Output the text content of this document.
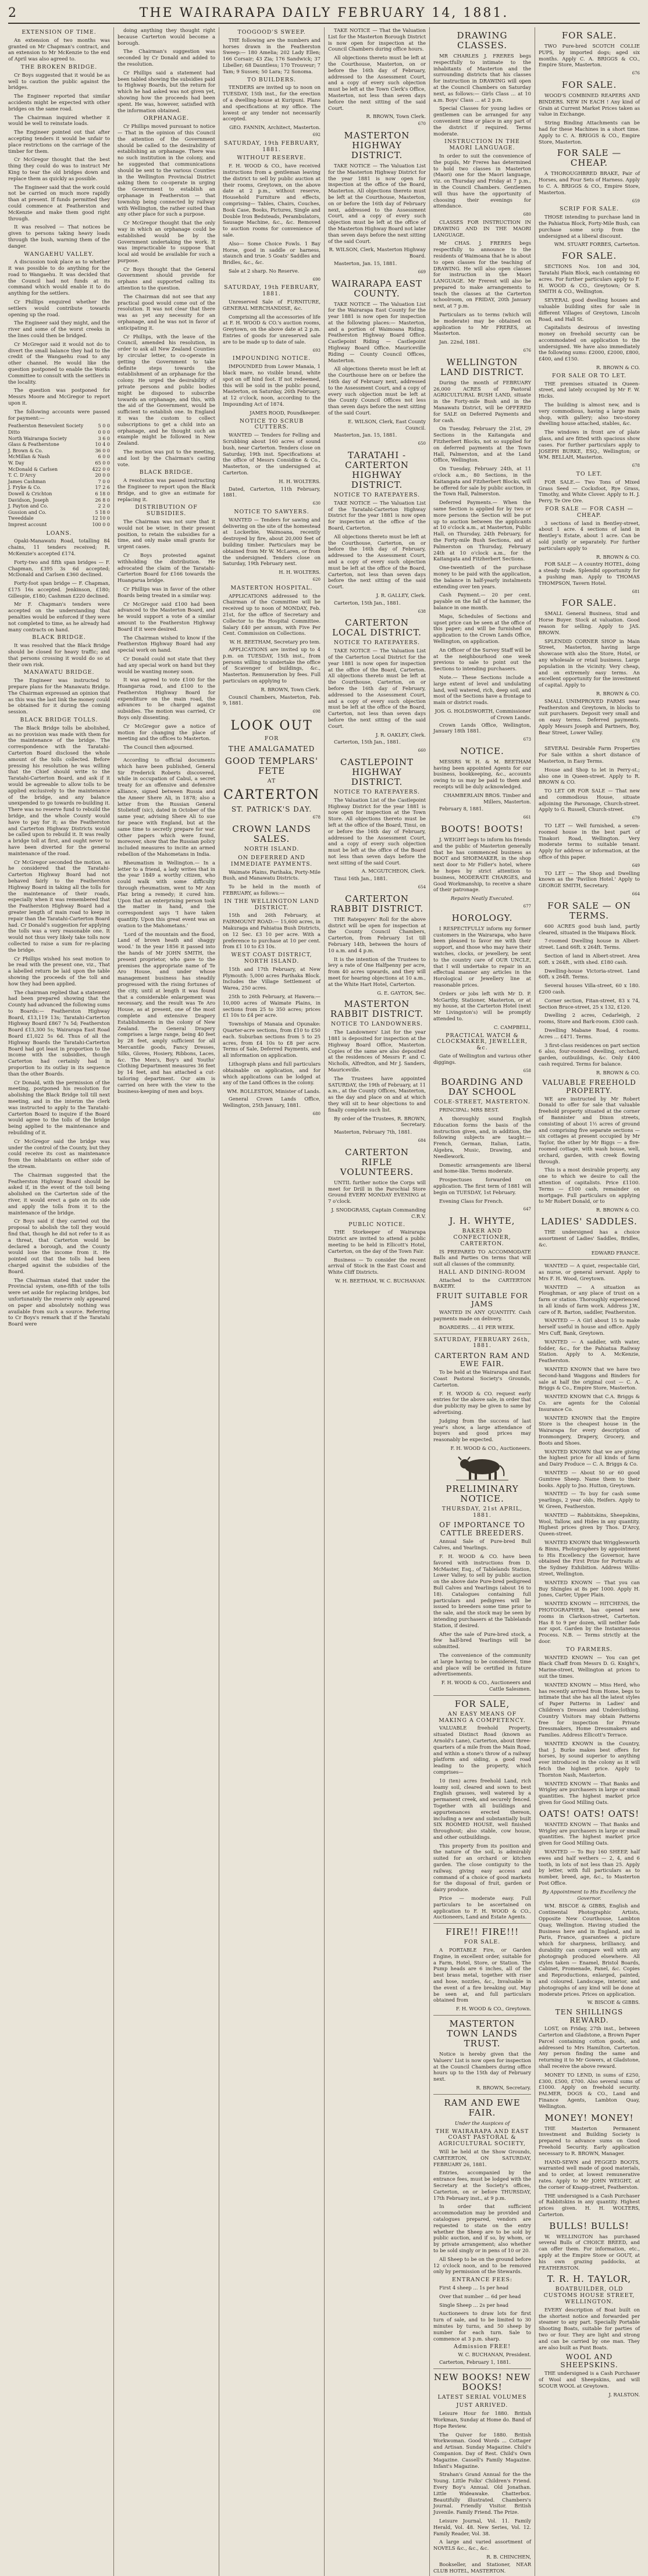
2	THE WAIRARAPA DAILY FEBRUARY 14, 1881.
EXTENSION OF TIME.

An extension of two months was granted on Mr Chapman's contract, and an extension to Mr McKenzie to the end of April was also agreed to.

THE BROKEN BRIDGE.

Cr Boys suggested that it would be as well to caution the public against the bridges.

The Engineer reported that similar accidents might be expected with other bridges on the same road.

The Chairman inquired whether it would be well to reinstate loads.

The Engineer pointed out that after accepting tenders it would be unfair to place restrictions on the carriage of the timber for them.

Cr McGregor thought that the best thing they could do was to instruct Mr King to tear the old bridges down and replace them as quickly as possible.

The Engineer said that the work could not be carried on much more rapidly than at present. If funds permitted they could commence at Featherston and McKenzie and make them good right through.

It was resolved — That notices be given to persons taking heavy loads through the bush, warning them of the danger.

WANGAEHU VALLEY.

A discussion took place as to whether it was possible to do anything for the road to Wangaehu. It was decided that the Council had not funds at its command which would enable it to do anything for the settlers.

Cr Phillips enquired whether the settlers would contribute towards opening up the road.

The Engineer said they might, and the river and some of the worst creeks in the lines could then be bridged.

Cr McGregor said it would not do to divert the small balance they had to the credit of the Wangaehu road to any other channel. He would like the question postponed to enable the Works Committee to consult with the settlers in the locality.

The question was postponed for Messrs Moore and McGregor to report upon it.

The following accounts were passed for payment:—

Featherston Benevolent Society	5 0 0
Ditto	0 0 0
North Wairarapa Society	3 6 0
Glass & Featherstone	10 4 0
J. Brown & Co.	36 0 0
McMillan & Nash	6 0 0
W. Day	65 0 0
McDonald & Carlsen	422 0 0
T. C. D'Arcy	20 0 0
James Cashman	7 0 0
J. Fryke & Co.	17 2 6
Dowell & Crichton	6 18 0
Davidson, Joseph	26 8 0
J. Payton and Co.	2 2 0
Gussion and Co.	5 18 0
Tweeddale	12 10 0
Imprest account	100 0 0
LOANS.

Opaki-Manawatu Road, totalling 84 chains, 11 tenders received; R. McKenzie's accepted £174.

Forty-two and fifth span bridges — F. Chapman, £395 3s 6d accepted; McDonald and Carlsen £360 declined.

Forty-foot span bridge — F. Chapman, £175 16s accepted. Jenkinson, £180; Gillespie, £180; Cashman £220 declined.

Mr F. Chapman's tenders were accepted on the understanding that penalties would be enforced if they were not completed to time, as he already had many contracts on hand.

BLACK BRIDGE.

It was resolved that the Black Bridge should be closed for heavy traffic; and that persons crossing it would do so at their own risk.

MANAWATU BRIDGE.

The Engineer was instructed to prepare plans for the Manawatu Bridge. The Chairman expressed an opinion that as this was the last link the money could be obtained for it during the coming session.

BLACK BRIDGE TOLLS.

The Black Bridge tolls be abolished, as no provision was made with them for the maintenance of the bridge. The correspondence with the Taratahi-Carterton Board disclosed the whole amount of the tolls collected. Before pressing his resolution he was willing that the Chief should write to the Taratahi-Carterton Board, and ask if it would be agreeable to allow tolls to be applied exclusively to the maintenance of the bridge, and any balance unexpended to go towards re-building it. There was no reserve fund to rebuild the bridge, and the whole County would have to pay for it; as the Featherston and Carterton Highway Districts would be called upon to rebuild it. It was really a bridge toll at first, and ought never to have been diverted for the general maintenance of the road.

Cr McGregor seconded the motion, as he considered that the Taratahi-Carterton Highway Board had not behaved fairly to the Featherston Highway Board in taking all the tolls for the maintenance of their roads, especially when it was remembered that the Featherston Highway Board had a greater length of main road to keep in repair than the Taratahi-Carterton Board had. Cr Donald's suggestion for applying the tolls was a very reasonable one. It would not thus very likely take tolls now collected to raise a sum for re-placing the bridge.

Cr Phillips wished his seat motion to be read with the present one, viz., That a labelled return be laid upon the table showing the proceeds of the toll and how they had been applied.

The chairman replied that a statement had been prepared showing that the County had advanced the following sums to Boards:— Featherston Highway Board, £13,119 13s; Taratahi-Carterton Highway Board £867 7s 5d; Featherston Board £13,300 5s; Wairarapa East Road Board £1,022 5s 6d. Thus of all the Highway Boards the Taratahi-Carterton Board had got least in proportion to the income with the subsidies, though Carterton had certainly had in proportion to its outlay in its sequence than the other Boards.

Cr Donald, with the permission of the meeting, postponed his resolution for abolishing the Black Bridge toll till next meeting, and in the interim the clerk was instructed to apply to the Taratahi-Carterton Board to inquire if the Board would agree to the tolls of the bridge being applied to the maintenance and rebuilding of it.

Cr McGregor said the bridge was under the control of the County, but they could receive its cost as maintenance from the inhabitants on either side of the stream.

The Chairman suggested that the Featherston Highway Board should be asked if, in the event of the toll being abolished on the Carterton side of the river, it would erect a gate on its side and apply the tolls from it to the maintenance of the bridge.

Cr Boys said if they carried out the proposal to abolish the toll they would find that, though he did not refer to it as a threat, that Carterton would be declared a borough, and the County would lose the income from it. He pointed out that the tolls had been charged against the subsidies of the Board.

The Chairman stated that under the Provincial system, one-fifth of the tolls were set aside for replacing bridges, but unfortunately the reserve only appeared on paper and absolutely nothing was available from such a source. Referring to Cr Boys's remark that if the Taratahi Board were

doing anything they thought right because Carterton would become a borough.

The Chairman's suggestion was seconded by Cr Donald and added to the resolution.

Cr Phillips said a statement had been tabled showing the subsidies paid to Highway Boards, but the return for which he had asked was not given yet, showing how the proceeds had been spent. He was, however, satisfied with the information obtained.

ORPHANAGE.

Cr Phillips moved pursuant to notice — That in the opinion of this Council the attention of the Government should be called to the desirability of establishing an orphanage. There was no such institution in the colony, and he suggested that communications should be sent to the various Counties in the Wellington Provincial District asking them to co-operate in urging the Government to establish an orphanage in Featherston — that township being connected by railway with Wellington, the rather suited than any other place for such a purpose.

Cr McGregor thought that the only way in which an orphanage could be established would be by the Government undertaking the work. It was impracticable to suppose that local aid would be available for such a purpose.

Cr Boys thought that the General Government should provide for orphans and supported calling its attention to the question.

The Chairman did not see that any practical good would come out of the resolution. It was not clear that there was as yet any necessity for an orphanage, and he was not in favor of anticipating it.

Cr Phillips, with the leave of the Council, amended his resolution, in order to ask all New Zealand Counties by circular letter, to co-operate in getting the Government to take definite steps towards the establishment of an orphanage for the colony. He urged the desirability of private persons and public bodies might be disposed to subscribe towards an orphanage, and this, with the aid of the Government, would be sufficient to establish one. In England it was the custom to collect subscriptions to get a child into an orphanage, and he thought such an example might be followed in New Zealand.

The motion was put to the meeting, and lost by the Chairman's casting vote.

BLACK BRIDGE.

A resolution was passed instructing the Engineer to report upon the Black Bridge, and to give an estimate for replacing it.

DISTRIBUTION OF SUBSIDIES.

The Chairman was not sure that it would not be wiser, in their present position, to retain the subsidies for a time, and only make small grants for urgent cases.

Cr Boys protested against withholding the distribution. He advocated the claim of the Taratahi-Carterton Board for £166 towards the Huangarua bridge.

Cr Phillips was in favor of the other Boards being treated in a similar way.

Cr McGregor said £100 had been advanced to the Masterton Board, and he would support a vote of a similar amount to the Featherston Highway Board if it were desired.

The Chairman wished to know if the Featherston Highway Board had any special work on hand.

Cr Donald could not state that they had any special work on hand but they would be wanting money soon.

It was agreed to vote £100 for the Huangarua road, and £100 to the Featherston Highway Board for expenditure on the main road, the advances to be charged against subsidies. The motion was carried, Cr Boys only dissenting.

Cr McGregor gave a notice of motion for changing the place of meeting and the offices to Masterton.

The Council then adjourned.

According to official documents which have been published, General Sir Frederick Roberts discovered, while in occupation of Cabul, a secret treaty for an offensive and defensive alliance, signed between Russia and the Ameer Shere Ali, in 1878; also a letter from the Russian General Stolietoff (sic), dated in October of the same year, advising Shere Ali to sue for peace with England, but at the same time to secretly prepare for war. Other papers which were found, moreover, show that the Russian policy included measures to incite an armed rebellion of the Mahometans in India.

Rheumatism in Wellington.— In a letter to a friend, a lady writes that in the year 1849 a worthy citizen, who could walk with some difficulty through rheumatism, went to Mr Ann Plaz bring a remedy; it cured him. Upon that an enterprising person took the matter in hand, and the correspondent says 'I have taken quantity. Upon this great event was an ovation to the Mahometans.'

'Lord of the mountain and the flood, Land of brown heath and shaggy wood.' In the year 1856 it passed into the hands of Mr JOHN SMITH, the present proprietor, who gave to the premises the appropriate name of Te Aro House, and under whose management business has steadily progressed with the rising fortunes of the city, until at length it was found that a considerable enlargement was necessary, and the result was Te Aro House, as at present, one of the most complete and extensive Drapery Establishments in the colony of New Zealand. The General Drapery comprises a large range, being 40 feet by 28 feet, amply sufficient for all Mercantile goods, Fancy Dresses, Silks, Gloves, Hosiery, Ribbons, Laces, &c. The Men's, Boy's and Youths' Clothing Department measures 36 feet by 14 feet, and has attached a cut-tailoring department. Our aim is carried on here with the view to the business-keeping of men and boys.

TOOGOOD'S SWEEP.

THE following are the numbers and horses drawn in the Featherston Sweep:— 180 Amelia; 202 Lady Ellen; 166 Corsair; 43 Zia; 176 Sandwick; 37 Libeller; 68 Dauntless; 170 Trouveur; 7 Tam; 9 Sussex; 50 Lara; 72 Sonoma.

TO BUILDERS.

TENDERS are invited up to noon on TUESDAY, 15th inst., for the erection of a dwelling-house at Kuripuni. Plans and specifications at my office. The lowest or any tender not necessarily accepted.

GEO. FANNIN, Architect, Masterton.

692
SATURDAY, 19th FEBRUARY, 1881.
WITHOUT RESERVE.

F. H. WOOD & CO., have received instructions from a gentleman leaving the district to sell by public auction at their rooms, Greytown, on the above date at 2 p.m., without reserve, Household Furniture and effects, comprising— Tables, Chairs, Couches, Book Case, Books, Pictures, Single and Double Iron Bedsteads, Perambulators, Sausage Machine, &c., &c. Removed to auction rooms for convenience of sale.

Also— Some Choice Fowls. 1 Bay Horse, good in saddle or harness, staunch and true. 5 Goats' Saddles and Bridles, &c., &c.

Sale at 2 sharp. No Reserve.

690
SATURDAY, 19th FEBRUARY, 1881.

Unreserved Sale of FURNITURE, GENERAL MERCHANDISE, &c.

Comprising all the accessories of life at F. H. WOOD & CO.'s auction rooms, Greytown, on the above date at 2 p.m. Entries of goods for unreserved sale are to be made up to date of sale.

693
IMPOUNDING NOTICE.

IMPOUNDED from Lower Manaia, 1 black mare, no visible brand, white spot on off hind foot. If not redeemed, this will be sold in the public pound, Masterton, on Saturday, 26th February, at 12 o'clock, noon, according to the Impounding Act of 1874.

JAMES ROOD, Poundkeeper.

NOTICE TO SCRUB CUTTERS.

WANTED — Tenders for Felling and Scrubbing about 160 acres of sound bush, near Carterton. Tenders close on Saturday, 19th inst. Specifications at the office of Messrs Considine & Co., Masterton, or the undersigned at Carterton.

H. H. WOLTERS.

Dated, Carterton, 11th February, 1881.

630
NOTICE TO SAWYERS.

WANTED — Tenders for sawing and delivering on the site of the homestead at Lockerbie, Waimoana, recently destroyed by fire, about 20,000 feet of building timber. Particulars may be obtained from Mr W. McLaren, or from the undersigned. Tenders close on Saturday, 19th February next.

H. H. WOLTERS.

620
MASTERTON HOSPITAL.

APPLICATIONS addressed to the Chairman of the Committee will be received up to noon of MONDAY, Feb. 21st, for the office of Secretary and Collector to the Hospital Committee. Salary £40 per annum, with Five Per Cent. Commission on Collections.

W. H. BEETHAM, Secretary pro tem.

APPLICATIONS are invited up to 4 p.m. on TUESDAY, 15th inst., from persons willing to undertake the office of Scavenger of buildings, &c., Masterton. Remuneration by fees. Full particulars on applying to

R. BROWN, Town Clerk.

Council Chambers, Masterton, Feb. 9, 1881.

698
LOOK OUT
FOR
THE AMALGAMATED
GOOD TEMPLARS' FETE
AT
CARTERTON
ST. PATRICK'S DAY.
678
CROWN LANDS SALES.
NORTH ISLAND.
ON DEFERRED AND IMMEDIATE PAYMENTS.

Waimate Plains, Parihaka, Porty-Mile Bush, and Manawatu Districts.

To be held in the month of FEBRUARY, as follows:—

IN THE WELLINGTON LAND DISTRICT.

15th and 26th February, at FAIRMOUNT ROAD:— 15,600 acres, in Makuraga and Pahiatua Bush Districts, on 12 Sec. £3 10 per acre. With a preference to purchase at 10 per cent. from £1 10 to £3 10s.

WEST COAST DISTRICT, NORTH ISLAND.

15th and 17th February, at New Plymouth: 5,000 acres Parihaka Block. Includes the Village Settlement of Warea, 250 acres.

25th to 26th February, at Hawera:— 10,000 acres of Waimate Plains, in sections from 25 to 350 acres; prices £1 10s to £4 per acre.

Townships of Manaia and Opunake: Quarter-acre sections, from £10 to £50 each. Suburban sections from 5 to 25 acres, from £4 10s to £8 per acre. Terms of Sale, Deferred Payments, and all information on application.

Lithograph plans and full particulars obtainable on application, and for which applications can be lodged at any of the Land Offices in the colony.

WM. ROLLESTON, Minister of Lands.

General Crown Lands Office, Wellington, 25th January, 1881.

680

TAKE NOTICE — That the Valuation List for the Masterton Borough District is now open for inspection at the Council Chambers during office hours.

All objections thereto must be left at the Courthouse, Masterton, on or before the 16th day of February, addressed to the Assessment Court, and a copy of every such objection must be left at the Town Clerk's Office, Masterton, not less than seven days before the next sitting of the said Court.

R. BROWN, Town Clerk.

670
MASTERTON HIGHWAY DISTRICT.

TAKE NOTICE — The Valuation List for the Masterton Highway District for the year 1881 is now open for inspection at the office of the Board, Masterton. All objections thereto must be left at the Courthouse, Masterton, on or before the 16th day of February next, addressed to the Assessment Court, and a copy of every such objection must be left at the office of the Masterton Highway Board not later than seven days before the next sitting of the said Court.

R. WILSON, Clerk, Masterton Highway Board.

Masterton, Jan. 15, 1881.

669
WAIRARAPA EAST COUNTY.

TAKE NOTICE — The Valuation List for the Wairarapa East County for the year 1881 is now open for inspection at the following places:— Masterton, and a portion of Waimoana Riding. Featherston Highway Board Office. Castlepoint Riding — Castlepoint Highway Board Office. Mauriceville Riding — County Council Offices, Masterton.

All objections thereto must be left at the Courthouse here on or before the 16th day of February next, addressed to the Assessment Court, and a copy of every such objection must be left at the County Council Offices not less than seven days before the next sitting of the said Court.

E. WILSON, Clerk, East County Council.

Masterton, Jan. 15, 1881.

650
TARATAHI - CARTERTON HIGHWAY DISTRICT.
NOTICE TO RATEPAYERS.

TAKE NOTICE — The Valuation List of the Taratahi-Carterton Highway District for the year 1881 is now open for inspection at the office of the Board, Carterton.

All objections thereto must be left at the Courthouse, Carterton, on or before the 16th day of February, addressed to the Assessment Court, and a copy of every such objection must be left at the office of the Board, Carterton, not less than seven days before the next sitting of the said Court.

J. R. GALLEY, Clerk.

Carterton, 15th Jan., 1881.

638
CARTERTON LOCAL DISTRICT.
NOTICE TO RATEPAYERS.

TAKE NOTICE — The Valuation List of the Carterton Local District for the year 1881 is now open for inspection at the office of the Board, Carterton. All objections thereto must be left at the Courthouse, Carterton, on or before the 16th day of February, addressed to the Assessment Court, and a copy of every such objection must be left at the office of the Board, Carterton, not less than seven days before the next sitting of the said Court.

J. R. OAKLEY, Clerk.

Carterton, 15th Jan., 1881.

660
CASTLEPOINT HIGHWAY DISTRICT.
NOTICE TO RATEPAYERS.

The Valuation List of the Castlepoint Highway District for the year 1881 is now open for inspection at the Town Store. All objections thereto must be left at the office of the Board, Tinui, on or before the 16th day of February, addressed to the Assessment Court, and a copy of every such objection must be left at the office of the Board not less than seven days before the next sitting of the said Court.

A. MCGUTCHEON, Clerk.

Tinui 16th Jan., 1881.

654
CARTERTON RABBIT DISTRICT.

THE Ratepayers' Roll for the above district will be open for inspection at the County Council Chambers, Carterton, from February 1st till February 14th, between the hours of 10 a.m. and 4 p.m.

It is the intention of the Trustees to levy a rate of One Halfpenny per acre, from 40 acres upwards, and they will meet for hearing objections at 10 a.m., at the White Hart Hotel, Carterton.

G. E. GAYTON, Sec.

MASTERTON RABBIT DISTRICT.
NOTICE TO LANDOWNERS.

The Landowners' List for the year 1881 is deposited for inspection at the Highway Board Office, Masterton. Copies of the same are also deposited at the residences of Messrs F. and C. Nicholls, Alfredton, and Mr J. Sanders, Mauriceville.

The Trustees have appointed SATURDAY, the 19th of February, at 11 a.m., at the County Offices, Masterton, as the day and place on and at which they will sit to hear objections to and finally complete such list.

By order of the Trustees, R. BROWN, Secretary.

Masterton, February 7th, 1881.

684
CARTERTON RIFLE VOLUNTEERS.

UNTIL further notice the Corps will meet for Drill in the Parochial Store Ground EVERY MONDAY EVENING at 7 o'clock.

J. SNODGRASS, Captain Commanding C.R.V.

PUBLIC NOTICE.

THE Storkeeper of Wairarapa District are invited to attend a public meeting to be held in Ellicott's Hotel, Carterton, on the day of the Town Fair.

Business — To consider the recent arrival of Stock in the East Coast and White Cliff Districts.

W. H. BEETHAM, W. C. BUCHANAN.

DRAWING CLASSES.

MR CHARLES J. FRERES begs respectfully to intimate to the inhabitants of Masterton and the surrounding districts that his classes for instruction in DRAWING will open at the Council Chambers on Saturday next, as follows:— Girls Class ... at 10 a.m. Boys' Class ... at 2 p.m.

Special Classes for young ladies or gentlemen can be arranged for any convenient time or place in any part of the district if required. Terms moderate.

INSTRUCTION IN THE MAORI LANGUAGE.

In order to suit the convenience of the pupils, Mr Freres has determined to hold two classes in Masterton (Maori) one for the Maori language, viz. on Thursday and Friday at 7 p.m., in the Council Chambers. Gentlemen will thus have the opportunity of choosing their evenings for attendance.

680

CLASSES FOR INSTRUCTION IN DRAWING AND IN THE MAORI LANGUAGE.

Mr CHAS. J. FRERES begs respectfully to announce to the residents of Waimoana that he is about to open classes for the teaching of DRAWING. He will also open classes for instruction in the Maori LANGUAGE. Mr Frerest will also be prepared to make arrangements to teach the classes at the Carterton schoolroom, on FRIDAY, 20th January next, at 7 p.m.

Particulars as to terms (which will be moderate) may be obtained on application to Mr FRERES, at Masterton.

Jan. 22nd, 1881.

676
WELLINGTON LAND DISTRICT.

During the month of FEBRUARY 26,000 ACRES of Pastoral AGRICULTURAL BUSH LAND, situate in the Forty-mile Bush and in the Manawatu District, will be OFFERED for SALE on Deferred Payments and for cash.

On Tuesday, February the 21st, 29 Sections in the Kaitangata and Fitzherbert Blocks, not so supplied for on deferred payments at the Town Hall, Palmerston, and at the Land Office, Wellington.

On Tuesday, February 24th, at 11 o'clock a.m., 80 Sections, in the Kaitangata and Fitzherbert Blocks, will be offered for sale by public auction, in the Town Hall, Palmerston.

Deferred Payments.— When the same Section is applied for by two or more persons the Section will be put up to auction between the applicants at 10 o'clock a.m., at Masterton, Public Hall, on Thursday, 24th February, for the Forty-mile Bush Sections, and at Palmerston on Thursday, February 24th at 10 o'clock a.m., for the Kaitangata and Fitzherbert Sections.

One-twentieth of the purchase money to be paid with the application, the balance in half-yearly instalments extending over ten years.

Cash Payment.— 20 per cent. payable on the fall of the hammer, the balance in one month.

Maps, Schedules of Sections and upset price can be seen at the office of this paper; and will be furnished on application to the Crown Lands Office, Wellington, on application.

An Officer of the Survey Staff will be at the neighbourhood one week previous to sale to point out the Sections to intending purchasers.

Note.— These Sections include a large extent of level and undulating land, well watered, rich, deep soil, and most of the Sections have a frontage to main or district roads.

JOS. G. HOLDSWORTH, Commissioner of Crown Lands.

Crown Lands Office, Wellington, January 18th 1881.

673
NOTICE.

MESSRS W. H. & M. BEETHAM having been appointed Agents for our business, bookkeeping, &c., accounts owing to us may be paid to them and receipts will be duly acknowledged.

CHAMBERLAIN BROS. Timber and Millers, Masterton.

February 8, 1881.

661
BOOTS! BOOTS!

J. WEIGHT begs to inform his friends and the public of Masterton generally that he has commenced business as BOOT and SHOEMAKER, in the shop next door to Mr Fidler's hotel, where he hopes by strict attention to business, MODERATE CHARGES, and Good Workmanship, to receive a share of their patronage.

Repairs Neatly Executed.

677
HOROLOGY.

I RESPECTFULLY inform my former customers in the Wairarapa, who have been pleased to favor me with their support, and those who may have their watches, clocks, or jewellery, be sent to the country care of OUR UNCLE, that I will undertake to repair in an effectual manner any articles in the Horological or Jewellery line at reasonable prices.

Orders or jobs left with Mr D. P. McGarthy, Stationer, Masterton, or at my house, at the Carterton Hotel (next Mr Livingston's) will be promptly attended to.

C. CAMPBELL,

PRACTICAL WATCH & CLOCKMAKER, JEWELLER, &c.

Gate of Wellington and various other diggings.

658
BOARDING AND DAY SCHOOL
COLE-STREET, MASTERTON.

PRINCIPAL: MRS BEST.

A thoroughly sound English Education forms the basis of the instruction given, and, in addition, the following subjects are taught:— French, German, Italian, Latin, Algebra, Music, Drawing, and Needlework.

Domestic arrangements are liberal and home-like. Terms moderate.

Prospectuses forwarded on application. The first term of 1881 will begin on TUESDAY, 1st February.

Evening Class for French.

647
J. H. WHYTE,
BAKER AND CONFECTIONER, CARTERTON.

IS PREPARED TO ACCOMMODATE Balls and Parties On terms that will suit all classes of the community.

HALL AND DINING-ROOM

Attached to the CARTERTON BAKERY.

FRUIT SUITABLE FOR JAMS

WANTED IN ANY QUANTITY. Cash payments made on delivery.

BOARDERS. ... 41 PER WEEK.

SATURDAY, FEBRUARY 26th, 1881.
CARTERTON RAM AND EWE FAIR.

To be held at the Wairarapa and East Coast Pastoral Society's Grounds, Carterton.

F. H. WOOD & CO. request early entries for the above sale, in order that due publicity may be given to same by advertising.

Judging from the success of last year's show, a large attendance of buyers and good prices may reasonably be expected.

F. H. WOOD & CO., Auctioneers.

PRELIMINARY NOTICE.
THURSDAY, 21st APRIL, 1881.
OF IMPORTANCE TO CATTLE BREEDERS.

Annual Sale of Pure-bred Bull Calves, and Yearlings.

F. H. WOOD & CO. have been favored with instructions from D. McMaster, Esq., of Tablelands Station, Lower Valley, to sell by public auction on the above date Pure-bred pedigreed Bull Calves and Yearlings (about 16 to 18). Catalogues containing full particulars and pedigrees will be issued to breeders some time prior to the sale, and the stock may be seen by intending purchasers at the Tablelands Station, if desired.

After the sale of Pure-bred stock, a few half-bred Yearlings will be submitted.

The convenience of the community at large having to be considered, time and place will be certified in future advertisements.

F. H. WOOD & CO., Auctioneers and Cattle Salesmen.

FOR SALE,
AN EASY MEANS OF MAKING A COMPETENCY.

VALUABLE freehold Property, situated Distinct Road (known as Arnold's Lane), Carterton, about three-quarters of a mile from the Main Road, and within a stone's throw of a railway platform and siding, a good road leading to the property, which comprises—

10 (ten) acres freehold Land, rich loamy soil, cleared and sown to best English grasses, well watered by a permanent creek, and securely fenced. Together with all buildings and appurtenances erected thereon, including a new and substantially built SIX ROOMED HOUSE, well finished throughout; also stable, cow house, and other outbuildings.

This property from its position and the nature of the soil, is admirably suited for an orchard or kitchen garden. The close contiguity to the railway, giving easy access and command of a choice of good markets for the disposal of fruit, garden or dairy produce.

Price — moderate easy. Full particulars to be ascertained on application to F. H. WOOD & CO., Auctioneers, Land and Estate Agents.

FIRE!! FIRE!!!
FOR SALE.

A PORTABLE Fire, or Garden Engine, in excellent order, suitable for a Farm, Hotel, Store, or Station. The Pump heads are 6 inches, all of the best brass metal, together with riser and hose, nozzles, &c., Invaluable in the event of a fire breaking out. May be seen at, and full particulars obtained from

F. H. WOOD & CO., Greytown.

MASTERTON TOWN LANDS TRUST.

Notice is hereby given that the Valuers' List is now open for inspection at the Council Chambers during office hours up to the 15th day of February next.

R. BROWN, Secretary.

RAM AND EWE FAIR.
Under the Auspices of
THE WAIRARAPA AND EAST COAST PASTORAL & AGRICULTURAL SOCIETY,

Will be held at the Show Grounds, CARTERTON, ON SATURDAY, FEBRUARY 26, 1881.

Entries, accompanied by the entrance fees, must be lodged with the Secretary at the Society's offices, Carterton, on or before THURSDAY, 17th February inst., at 9 p.m.

In order that sufficient accommodation may be provided and catalogues prepared, vendors are requested to state on the entry whether the Sheep are to be sold by public auction, and if so, by whom, or by private arrangement; also whether to be sold singly or in pens of 10 or 20.

All Sheep to be on the ground before 12 o'clock noon, and to be removed only by permission of the Stewards.

ENTRANCE FEES:

First 4 sheep ... 1s per head

Over that number ... 6d per head

Single Sheep ... 2s per head

Auctioneers to draw lots for first turn of sale, and to be limited to 30 minutes by turns, and 50 sheep by number for each turn. Sale to commence at 3 p.m. sharp.

Admission FREE!

W. C. BUCHANAN, President.

Carterton, February 1, 1881.

NEW BOOKS! NEW BOOKS!
LATEST SERIAL VOLUMES
JUST ARRIVED.

Leisure Hour for 1880. British Workman, Sunday at Home do. Band of Hope Review.

The Quiver for 1880. British Workwoman. Good Words ... Cottager and Artisan. Sunday Magazine. Child's Companion. Day of Rest. Child's Own Magazine. Cassell's Family Magazine. Infant's Magazine.

Strahan's Grand Annual for the the Young. Little Folks' Children's Friend. Every Boy's Annual. Old Jonathan. Little Wideawake. Chatterbox. Beautifully illustrated. Chambers's Journal. Friendly Visitor. British Juvenile. Family Friend. The Prize.

Leisure Journal, Vol. 11. Family Herald, Vol. 48. New Series, Vol. 12. Family Reader, Vol. 38.

A large and varied assortment of NOVELS &c., &c., &c.

R. B. CHINCHEN,

Bookseller, and Stationer, NEAR CLUB HOTEL, MASTERTON.

FOR SALE.

TWO Pure-bred SCOTCH COLLIE PUPS, by imported dogs; aged six months. Apply C. A. BRIGGS & CO., Empire Store, Masterton.

676
FOR SALE.

WOOD'S COMBINED REAPERS AND BINDERS. NEW IN EACH ! Any kind of Grain at Current Market Prices taken as value in Exchange.

String Binding Attachments can be had for these Machines in a short time. Apply to C. A. BRIGGS & CO., Empire Store, Masterton.

FOR SALE — CHEAP.

A THOROUGHBRED BRAKE, Pair of Horses, and Four Sets of Harness. Apply to C. A. BRIGGS & CO., Empire Store, Masterton.

659
SCRIP FOR SALE.

THOSE intending to purchase land in the Pahiatua Block, Forty-Mile Bush, can purchase some scrip from the undersigned at a liberal discount.

WM. STUART FORBES, Carterton.

FOR SALE.

SECTIONS Nos. 108 and 304, Taratahi Plain Block, each containing 60 acres. For further particulars apply to F. H. WOOD & CO., Greytown; Or S. SMITH & CO., Wellington.

SEVERAL good dwelling houses and valuable building sites for sale in different Villages of Greytown, Lincoln Road, and Hall St.

Capitalists desirous of investing money on freehold security can be accommodated on application to the undersigned. We have also immediately the following sums: £2000, £2000, £800, £400, and £150.

R. BROWN & CO.

FOR SALE OR TO LET.

THE premises situated in Queen-street, and lately occupied by Mr F. W. Hicks.

The building is almost new, and is very commodious, having a large main shop, with gallery; also two-storey dwelling house attached, stables, &c.

The windows in front are of plate glass, and are fitted with spacious show cases. For further particulars apply to JOSEPH BURKE, ESQ., Wellington; or WM. BELLAH, Masterton.

678
TO LET.

FOR SALE.— Two Tons of Mixed Grass Seed — Cocksfoot, Rye Grass, Timothy, and White Clover. Apply to H. J. Perry, Te Ore Ore.

FOR SALE — FOR CASH — CHEAP.

3 sections of land in Bentley-street, about 1 acre. 4 sections of land in Bentley's Estate, about 1 acre. Can be sold jointly or separately. For further particulars apply to

R. BROWN & CO.

FOR SALE — A country HOTEL, doing a steady trade. Splendid opportunity for a pushing man. Apply to THOMAS THOMPSON, Tavern Hotel.

681
FOR SALE.

SMALL General Business, Stud and Horse Buyer. Stock at valuation. Good reason for selling. Apply to JAS. BROWN.

SPLENDID CORNER SHOP in Main Street, Masterton, having large showcase with also the Store, Hotel, or any wholesale or retail business. Large population in the vicinity. Very cheap, and on extremely easy terms. An excellent opportunity for the investment of capital. Apply to

R. BROWN & CO.

SMALL UNIMPROVED FARMS near Featherston and Greytown, in blocks to suit purchasers. Deposit very small and on easy terms. Deferred payments. Apply Messrs Joseph and Partners, Boy, Bear Street, Lower Valley.

678

SEVERAL Desirable Farm Properties For Sale within a short distance of Masterton, in Easy Terms.

House and Shop to let in Perry-st.; also one in Queen-street. Apply to R. BROWN & CO.

TO LET OR FOR SALE — That new and commodious House, situate adjoining the Parsonage, Church-street. Apply to G. Russell, Church-street.

679

TO LET — Well furnished, a seven-roomed house in the best part of Tinakori Road, Wellington. Very moderate terms to suitable tenant. Apply for address or information, at the office of this paper.

649

TO LET — The Shop and Dwelling known as the 'Pavilion Hotel.' Apply to GEORGE SMITH, Secretary.

664
FOR SALE — ON TERMS.

600 ACRES good bush land, partly cleared, situated in the Waipawa Block.

7-roomed Dwelling house in Albert-street. Land 66ft. x 264ft. Terms.

Section of land in Albert-street. Area 60ft. x 264ft., with shed. £180 cash.

Dwelling-house Victoria-street. Land 60ft. x 264ft. Terms.

Several houses Villa-street, 60 x 180. £200 cash.

Corner section, Fitan-street, 83 x 74, Section Bruce-street, 25 x 132, £120.

Dwelling 2 acres, Cedarleigh, 2 rooms, Store and Bark-room. £300 cash.

Dwelling Mabane Road, 4 rooms. Acres ... £471. Terms.

3 first-class residences on part section 6 also, four-roomed dwelling, orchard, garden, outbuildings, &c. Only £400 cash required. Terms for balance.

R. BROWN & CO.

VALUABLE FREEHOLD PROPERTY.

WE are instructed by Mr Robert Donald to offer for sale that valuable freehold property situated at the corner of Bannister and Dixon streets, consisting of about 1½ acres of ground and comprising five separate sections — six cottages at present occupied by Mr Taylor, the other by Mr Biggs — a five-roomed cottage, with wash house, well, orchard, garden, with creek flowing through.

This is a most desirable property, any one to which we desire to call the attention of capitalists. Price £1100. Terms — £100 cash, remainder on mortgage. Full particulars on applying to Mr Robert Donald, or to

R. BROWN & CO.

LADIES' SADDLES.

THE undersigned has a choice assortment of Ladies' Saddles, Bridles, &c.

EDWARD FRANCE.

WANTED — A quiet, respectable Girl, as nurse, or general servant. Apply to Mrs F. H. Wood, Greytown.

WANTED — A situation as Ploughman, or any place of trust on a farm or station. Thoroughly experienced in all kinds of farm work. Address J.W., care of R. Barton, saddler, Featherston.

WANTED — A Girl about 15 to make herself useful in house and office. Apply Mrs Cuff, Bank, Greytown.

WANTED — A saddler, with water, fodder, &c., for the Pahiatua Railway Station. Apply to A. McKenzie, Featherston.

WANTED KNOWN that we have two Second-hand Waggons and Binders for sale at half the original cost — C. A. Briggs & Co., Empire Store, Masterton.

WANTED KNOWN that C.A. Briggs & Co. are agents for the Colonial Insurance Co.

WANTED KNOWN that the Empire Store is the cheapest house in the Wairarapa for every description of Ironmongery, Drapery, Grocery, and Boots and Shoes.

WANTED KNOWN that we are giving the highest price for all kinds of farm and Dairy Produce — C. A. Briggs & Co.

WANTED — About 50 or 60 good Gumtree Sheep. Name them to their books. Apply to Jno. Hutton, Greytown.

WANTED — To buy for cash some yearlings, 2 year olds, Heifers. Apply to W. Green, Featherston.

WANTED — Rabbitskins, Sheepskins, Wool, Tallow, and Hides in any quantity. Highest prices given by Thos. D'Arcy, Queen-street.

WANTED KNOWN that Wrigglesworth & Binns, Photographers by appointment to His Excellency the Governor, have obtained the First Prize for Portraits at the Sydney Exhibition. Address Willis-street, Wellington.

WANTED KNOWN — That you can Buy Shingles at 8s per 1000. Apply H. Jones, Carter, Upper Plain.

WANTED KNOWN — HITCHENS, the PHOTOGRAPHER, has opened new rooms in Clarkson-street, Carterton. Has 8 to 9 per dozen, will neither fade nor spot. Garden by the Instantaneous Process. N.B. — Terms strictly at the door.

TO FARMERS.

WANTED KNOWN — You can get Black Chaff from Messrs D. G. Knight's, Marine-street, Wellington at prices to suit the times.

WANTED KNOWN — Miss Herd, who has recently arrived from Home, begs to intimate that she has all the latest styles of Paper Patterns in Ladies' and Children's Dresses and Underclothing. Country Visitors may obtain Patterns free for inspection for Private Dressmakers, Home Dressmakers and Families. Address Ellicott's Terrace.

WANTED KNOWN in the Country, that J. Burke makes best offers for horses, by sound superior to anything ever introduced in the colony as it will fetch the highest price. Apply to Thornton Nash, Masterton.

WANTED KNOWN — That Banks and Wrigley are purchasers in large or small quantities. The highest market price given for Good Milling Oats.

OATS! OATS! OATS!

WANTED KNOWN — That Banks and Wrigley are purchasers in large or small quantities. The highest market price given for Good Milling Oats.

WANTED — To Buy 160 SHEEP, half ewes and half wethers — 2, 4, and 6 tooth, in lots of not less than 25. Apply by letter, with full particulars as to number, breed, age, &c., to Masterton Post Office.

By Appointment to His Excellency the Governor.

WM. BISCOE & GIBBS, English and Continental Photographic Artists, Opposite New Courthouse, Lambton Quay, Wellington. Having studied the Business here and in England, and in Paris, France, guarantees a picture which for sharpness, brilliancy, and durability can compare well with any photograph produced elsewhere. All styles taken — Enamel, Bristol Boards, Cabinet, Promenade, Panel, &c. Copies and Reproductions, enlarged, painted, and coloured. Landscape, interior, and photographs of any kind will be done at moderate prices. Prices on application.

W. BISCOE & GIBBS.

TEN SHILLINGS REWARD.

LOST, on Friday, 27th inst., between Carterton and Gladstone, a Brown Paper Parcel containing cotton goods, and addressed to Mrs Hamilton, Carterton. Any person finding the same and returning it to Mr Gowers, at Gladstone, shall receive the above reward.

MONEY TO LEND, in sums of £250, £300, £500, £700. Also several sums of £1000. Apply on freehold security. PALMER, DOGS & CO., Land and Finance Agents, Lambton Quay, Wellington.

MONEY! MONEY!

THE Masterton Permanent Investment and Building Society is prepared to advance sums on Good Freehold Security. Early application necessary to R. BROWN, Manager.

HAND-SEWN and PEGGED BOOTS, warranted well made of good materials, and to order, at lowest remunerative rates. Apply to Mr JOHN WEIGHT, at the corner of Knapp-street, Featherston.

THE undersigned is a Cash Purchaser of Rabbitskins in any quantity. Highest prices given. H. H. WOLTERS, Carterton.

BULLS! BULLS!

W. WELLINGTON has purchased several Bulls of CHOICE BREED, and can offer them. For information, etc., apply at the Empire Store or GOUT, at his own grazing paddocks, at FEATHERSTON.

T. R. H. TAYLOR,
BOATBUILDER, OLD CUSTOMS HOUSE STREET, WELLINGTON.

EVERY description of Boat built on the shortest notice and forwarded per steamer to any part. Specially Portable Shooting Boats, suitable for parties of two or four. They are light and strong and can be carried by one man. They are also built as Punt Boats.

WOOL AND SHEEPSKINS.

THE undersigned is a Cash Purchaser of Wool and Sheepskins, and will SCOUR WOOL at Greytown.

J. RALSTON.
